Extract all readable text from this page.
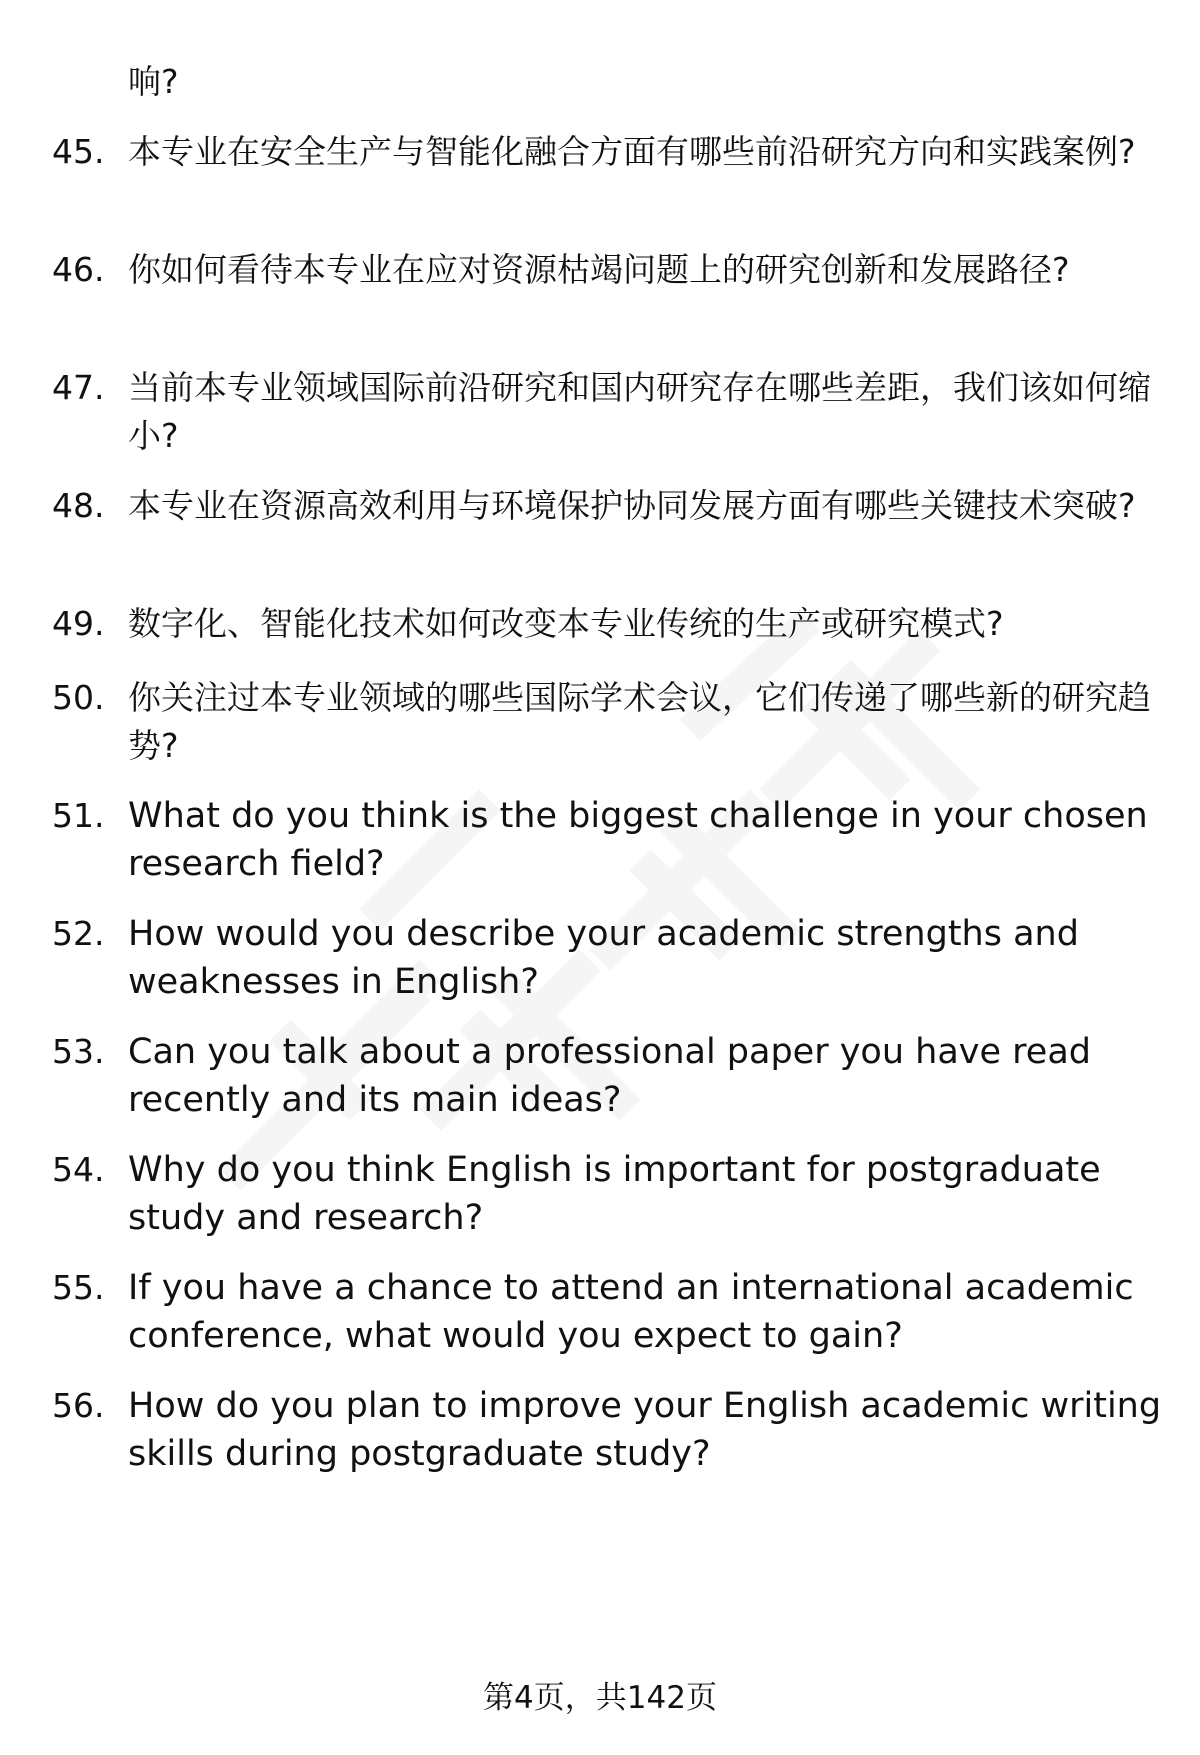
响?
45. 本专业在安全生产与智能化融合方面有哪些前沿研究方向和实践案例?
46. 你如何看待本专业在应对资源枯竭问题上的研究创新和发展路径?
47. 当前本专业领域国际前沿研究和国内研究存在哪些差距，我们该如何缩小?
48. 本专业在资源高效利用与环境保护协同发展方面有哪些关键技术突破?
49. 数字化、智能化技术如何改变本专业传统的生产或研究模式?
50. 你关注过本专业领域的哪些国际学术会议，它们传递了哪些新的研究趋势?
51. What do you think is the biggest challenge in your chosen research field?
52. How would you describe your academic strengths and weaknesses in English?
53. Can you talk about a professional paper you have read recently and its main ideas?
54. Why do you think English is important for postgraduate study and research?
55. If you have a chance to attend an international academic conference, what would you expect to gain?
56. How do you plan to improve your English academic writing skills during postgraduate study?
第4页，共142页
